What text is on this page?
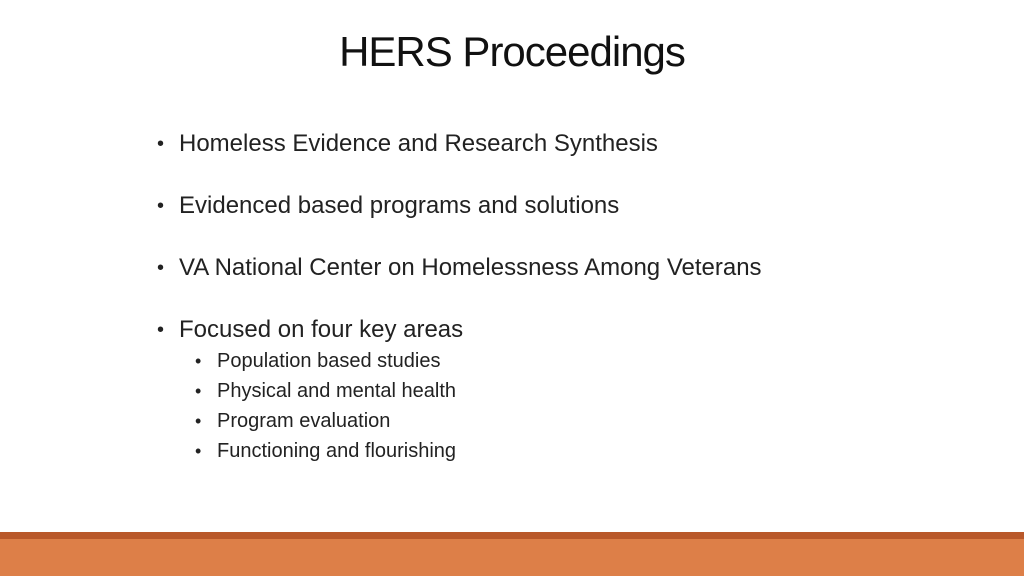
HERS Proceedings
• Homeless Evidence and Research Synthesis
• Evidenced based programs and solutions
• VA National Center on Homelessness Among Veterans
• Focused on four key areas
• Population based studies
• Physical and mental health
• Program evaluation
• Functioning and flourishing
